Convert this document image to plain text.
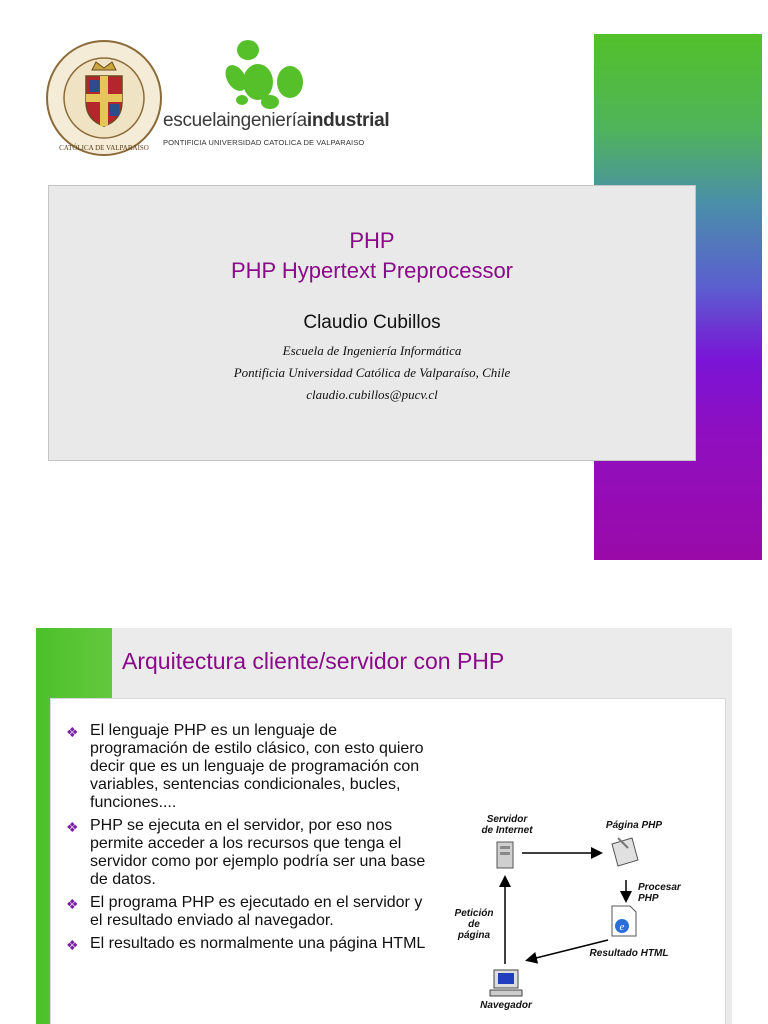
CATÓLICA DE VALPARAÍSO
escuelaingenieríaindustrial
PONTIFICIA UNIVERSIDAD CATOLICA DE VALPARAISO
PHP
PHP Hypertext Preprocessor
Claudio Cubillos
Escuela de Ingeniería Informática
Pontificia Universidad Católica de Valparaíso, Chile
claudio.cubillos@pucv.cl
Arquitectura cliente/servidor con PHP
❖ El lenguaje PHP es un lenguaje de programación de estilo clásico, con esto quiero decir que es un lenguaje de programación con variables, sentencias condicionales, bucles, funciones....
❖ PHP se ejecuta en el servidor, por eso nos permite acceder a los recursos que tenga el servidor como por ejemplo podría ser una base de datos.
❖ El programa PHP es ejecutado en el servidor y el resultado enviado al navegador.
❖ El resultado es normalmente una página HTML
e
Servidor de Internet	Página PHP
Procesar PHP
Petición de página
Resultado HTML
Navegador
